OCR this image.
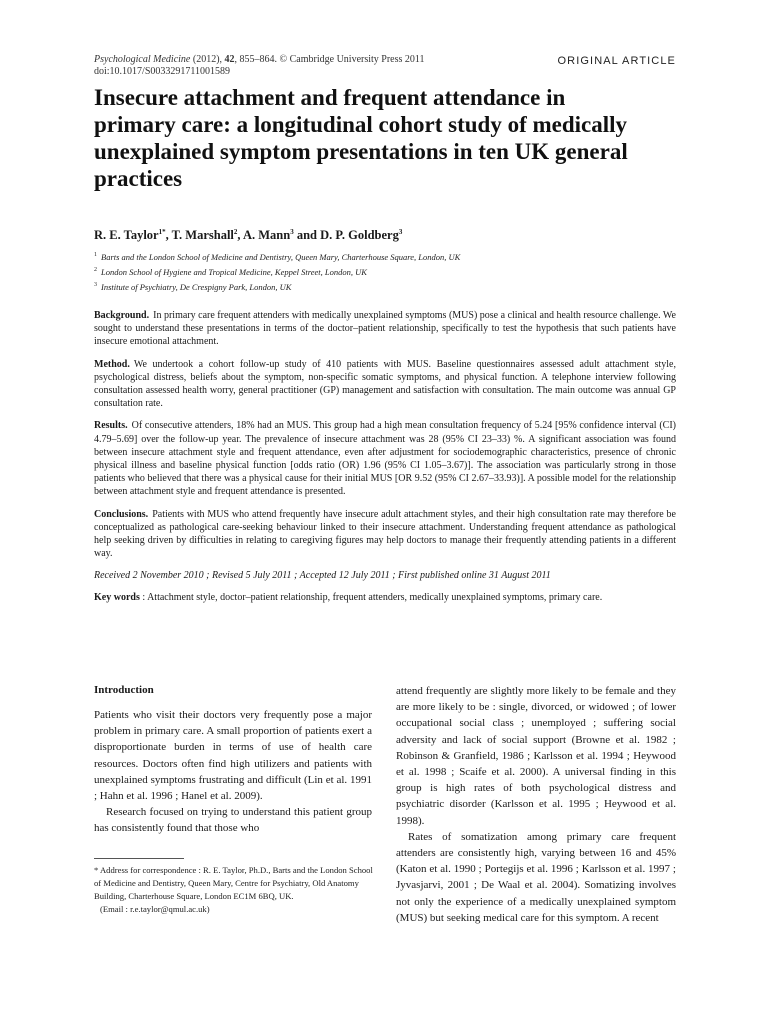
Psychological Medicine (2012), 42, 855–864. © Cambridge University Press 2011
doi:10.1017/S0033291711001589
ORIGINAL ARTICLE
Insecure attachment and frequent attendance in primary care: a longitudinal cohort study of medically unexplained symptom presentations in ten UK general practices
R. E. Taylor$^{1*}$, T. Marshall$^2$, A. Mann$^3$ and D. P. Goldberg$^3$
$^1$ Barts and the London School of Medicine and Dentistry, Queen Mary, Charterhouse Square, London, UK
$^2$ London School of Hygiene and Tropical Medicine, Keppel Street, London, UK
$^3$ Institute of Psychiatry, De Crespigny Park, London, UK

Background. In primary care frequent attenders with medically unexplained symptoms (MUS) pose a clinical and health resource challenge. We sought to understand these presentations in terms of the doctor–patient relationship, specifically to test the hypothesis that such patients have insecure emotional attachment.

Method. We undertook a cohort follow-up study of 410 patients with MUS. Baseline questionnaires assessed adult attachment style, psychological distress, beliefs about the symptom, non-specific somatic symptoms, and physical function. A telephone interview following consultation assessed health worry, general practitioner (GP) management and satisfaction with consultation. The main outcome was annual GP consultation rate.

Results. Of consecutive attenders, 18% had an MUS. This group had a high mean consultation frequency of 5.24 [95% confidence interval (CI) 4.79–5.69] over the follow-up year. The prevalence of insecure attachment was 28 (95% CI 23–33) %. A significant association was found between insecure attachment style and frequent attendance, even after adjustment for sociodemographic characteristics, presence of chronic physical illness and baseline physical function [odds ratio (OR) 1.96 (95% CI 1.05–3.67)]. The association was particularly strong in those patients who believed that there was a physical cause for their initial MUS [OR 9.52 (95% CI 2.67–33.93)]. A possible model for the relationship between attachment style and frequent attendance is presented.

Conclusions. Patients with MUS who attend frequently have insecure adult attachment styles, and their high consultation rate may therefore be conceptualized as pathological care-seeking behaviour linked to their insecure attachment. Understanding frequent attendance as pathological help seeking driven by difficulties in relating to caregiving figures may help doctors to manage their frequently attending patients in a different way.

Received 2 November 2010 ; Revised 5 July 2011 ; Accepted 12 July 2011 ; First published online 31 August 2011

Key words : Attachment style, doctor–patient relationship, frequent attenders, medically unexplained symptoms, primary care.

Introduction

Patients who visit their doctors very frequently pose a major problem in primary care. A small proportion of patients exert a disproportionate burden in terms of use of health care resources. Doctors often find high utilizers and patients with unexplained symptoms frustrating and difficult (Lin et al. 1991 ; Hahn et al. 1996 ; Hanel et al. 2009).

Research focused on trying to understand this patient group has consistently found that those who

attend frequently are slightly more likely to be female and they are more likely to be : single, divorced, or widowed ; of lower occupational social class ; unemployed ; suffering social adversity and lack of social support (Browne et al. 1982 ; Robinson & Granfield, 1986 ; Karlsson et al. 1994 ; Heywood et al. 1998 ; Scaife et al. 2000). A universal finding in this group is high rates of both psychological distress and psychiatric disorder (Karlsson et al. 1995 ; Heywood et al. 1998).

Rates of somatization among primary care frequent attenders are consistently high, varying between 16 and 45% (Katon et al. 1990 ; Portegijs et al. 1996 ; Karlsson et al. 1997 ; Jyvasjarvi, 2001 ; De Waal et al. 2004). Somatizing involves not only the experience of a medically unexplained symptom (MUS) but seeking medical care for this symptom. A recent

* Address for correspondence : R. E. Taylor, Ph.D., Barts and the London School of Medicine and Dentistry, Queen Mary, Centre for Psychiatry, Old Anatomy Building, Charterhouse Square, London EC1M 6BQ, UK.
(Email : r.e.taylor@qmul.ac.uk)
